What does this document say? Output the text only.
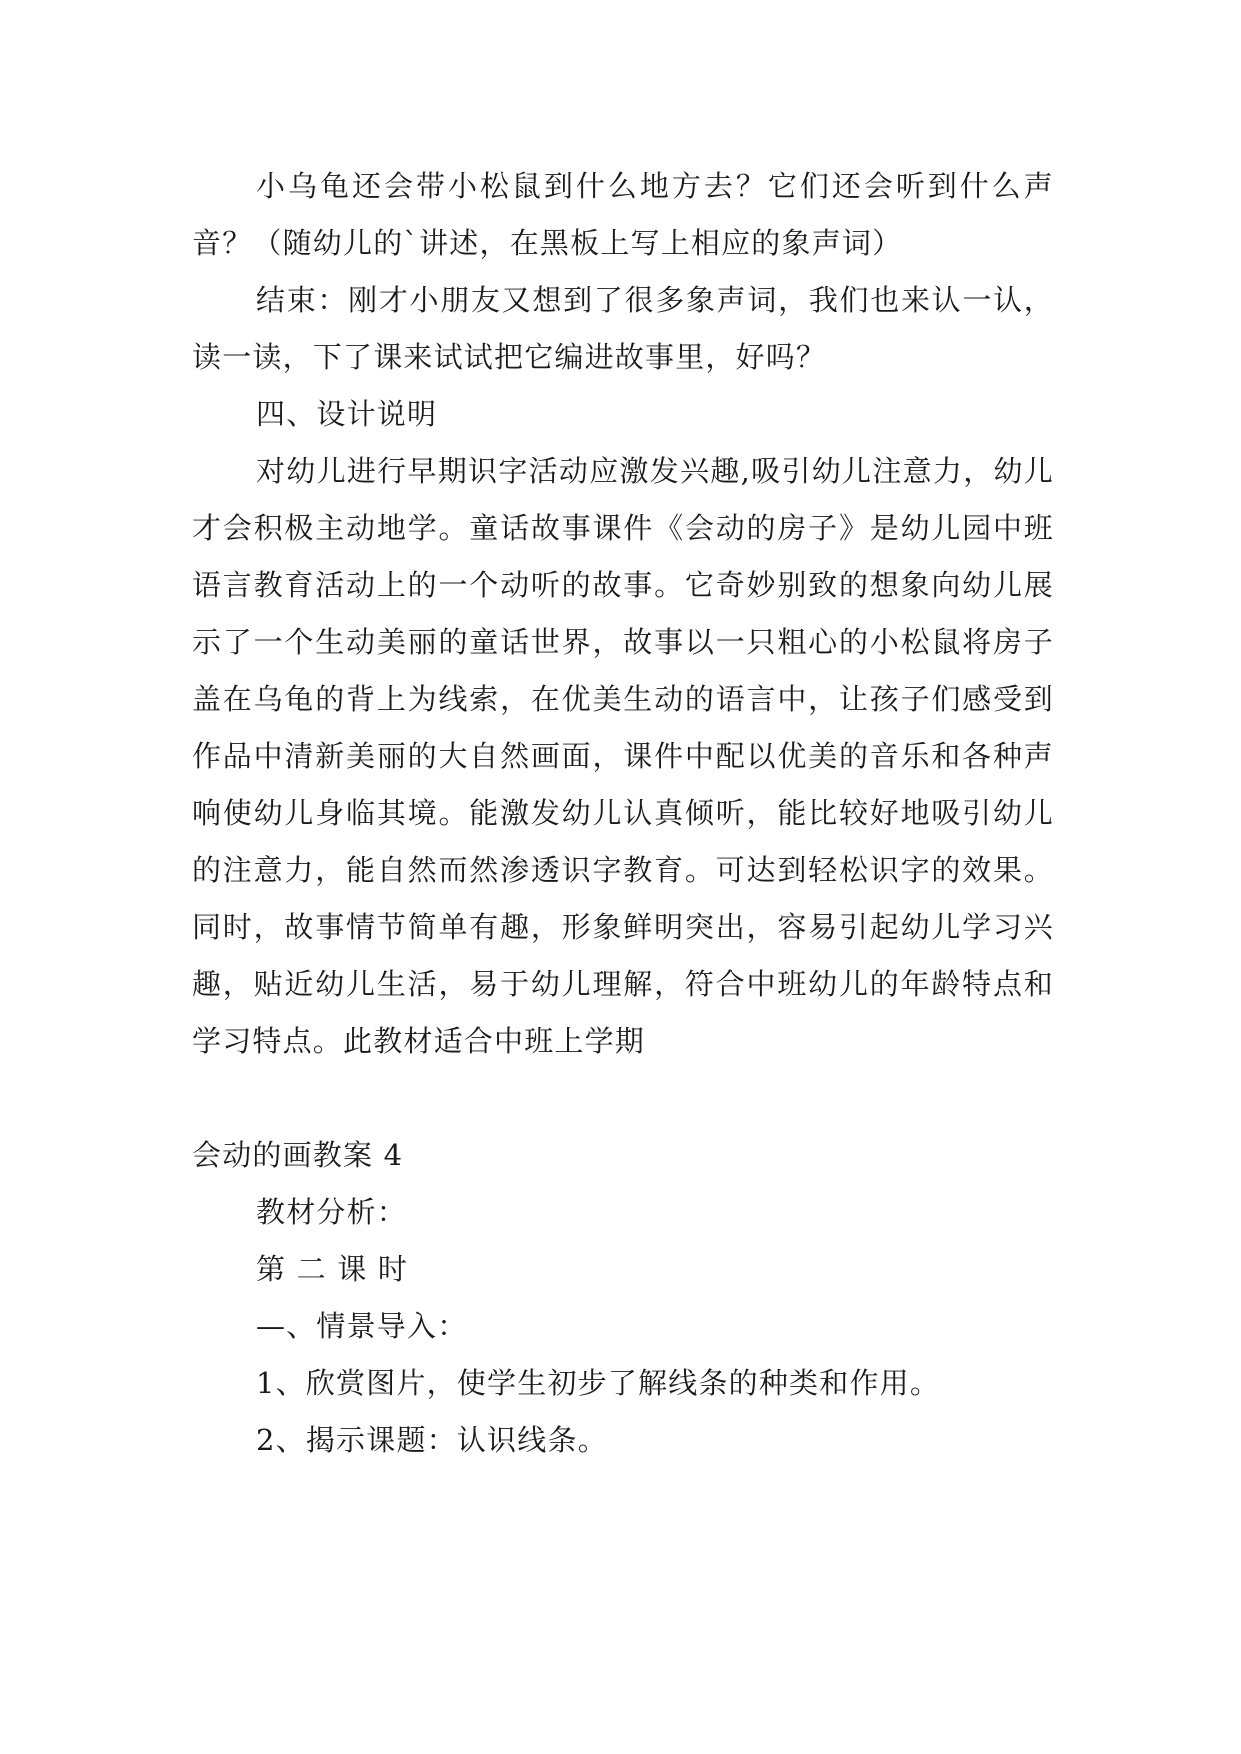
小乌龟还会带小松鼠到什么地方去？它们还会听到什么声音？（随幼儿的`讲述，在黑板上写上相应的象声词）

结束：刚才小朋友又想到了很多象声词，我们也来认一认，读一读，下了课来试试把它编进故事里，好吗？

四、设计说明

对幼儿进行早期识字活动应激发兴趣,吸引幼儿注意力，幼儿才会积极主动地学。童话故事课件《会动的房子》是幼儿园中班语言教育活动上的一个动听的故事。它奇妙别致的想象向幼儿展示了一个生动美丽的童话世界，故事以一只粗心的小松鼠将房子盖在乌龟的背上为线索，在优美生动的语言中，让孩子们感受到作品中清新美丽的大自然画面，课件中配以优美的音乐和各种声响使幼儿身临其境。能激发幼儿认真倾听，能比较好地吸引幼儿的注意力，能自然而然渗透识字教育。可达到轻松识字的效果。同时，故事情节简单有趣，形象鲜明突出，容易引起幼儿学习兴趣，贴近幼儿生活，易于幼儿理解，符合中班幼儿的年龄特点和学习特点。此教材适合中班上学期

会动的画教案 4

教材分析：

第 二 课 时

—、情景导入：

1、欣赏图片，使学生初步了解线条的种类和作用。

2、揭示课题：认识线条。
